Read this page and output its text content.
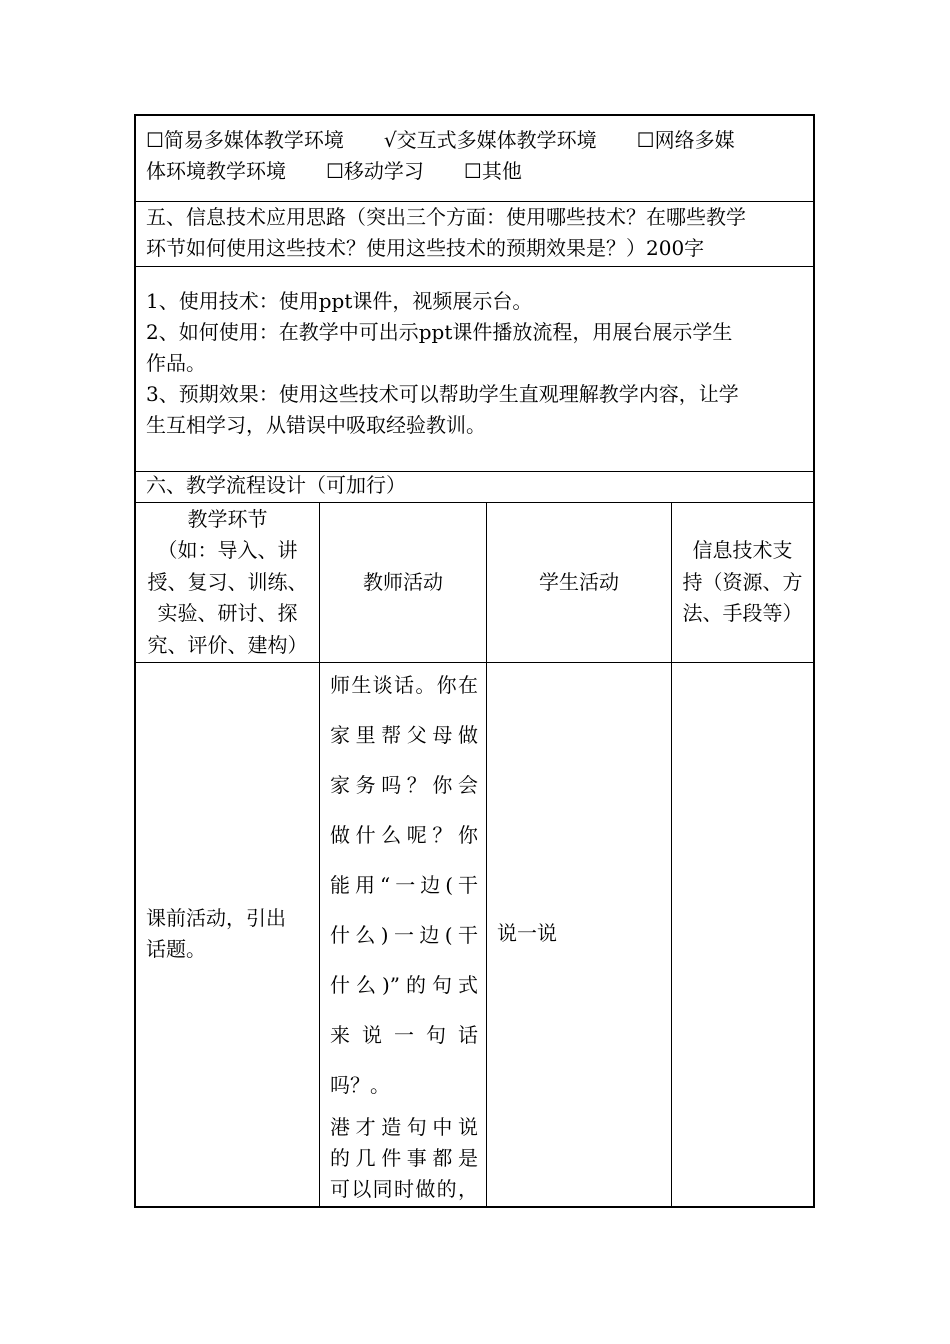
☐简易多媒体教学环境　　√交互式多媒体教学环境　　☐网络多媒
体环境教学环境　　☐移动学习　　☐其他
五、信息技术应用思路（突出三个方面：使用哪些技术？在哪些教学
环节如何使用这些技术？使用这些技术的预期效果是？）200字
1、使用技术：使用ppt课件，视频展示台。
2、如何使用：在教学中可出示ppt课件播放流程，用展台展示学生
作品。
3、预期效果：使用这些技术可以帮助学生直观理解教学内容，让学
生互相学习，从错误中吸取经验教训。
六、教学流程设计（可加行）
教学环节
（如：导入、讲
授、复习、训练、
实验、研讨、探
究、评价、建构）
教师活动	学生活动
信息技术支
持（资源、方
法、手段等）
课前活动，引出
话题。

师生谈话。你在

家里帮父母做

家务吗？你会

做什么呢？你

能用“一边(干

什么)一边(干

什么)”的句式

来说一句话

吗？。

港才造句中说

的几件事都是

可以同时做的，

说一说
